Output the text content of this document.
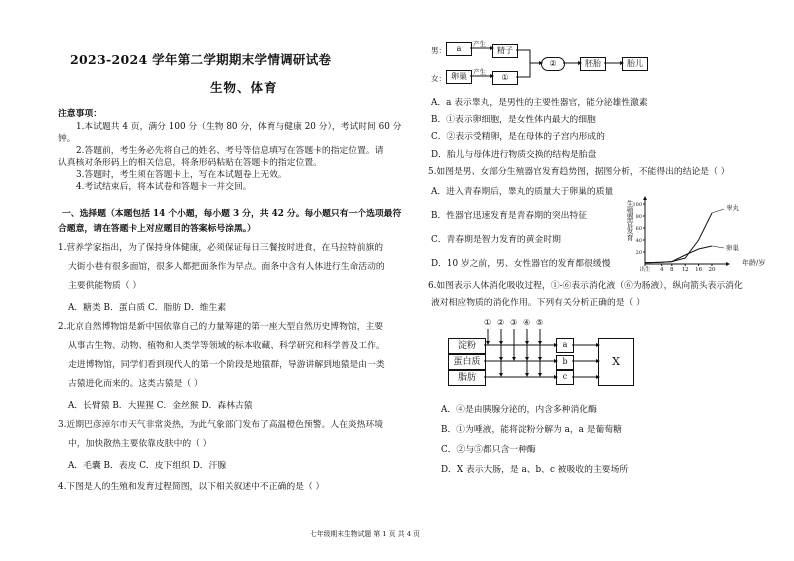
2023-2024 学年第二学期期末学情调研试卷
生物、体育
注意事项：
1.本试题共 4 页，满分 100 分（生物 80 分，体育与健康 20 分），考试时间 60 分
钟。
2.答题前，考生务必先将自己的姓名、考号等信息填写在答题卡的指定位置。请
认真核对条形码上的相关信息，将条形码粘贴在答题卡的指定位置。
3.答题时，考生须在答题卡上，写在本试题卷上无效。
4.考试结束后，将本试卷和答题卡一并交回。
一、选择题（本题包括 14 个小题，每小题 3 分，共 42 分。每小题只有一个选项最符
合题意，请在答题卡上对应题目的答案标号涂黑。）
1.营养学家指出，为了保持身体健康，必须保证每日三餐按时进食，在马拉特前旗的
大街小巷有很多面馆，很多人都把面条作为早点。面条中含有人体进行生命活动的
主要供能物质（ ）
A．糖类 B．蛋白质 C．脂肪 D．维生素
2.北京自然博物馆是新中国依靠自己的力量筹建的第一座大型自然历史博物馆，主要
从事古生物、动物、植物和人类学等领域的标本收藏、科学研究和科学普及工作。
走进博物馆，同学们看到现代人的第一个阶段是地猿群，导游讲解到地猿是由一类
古猿进化而来的。这类古猿是（ ）
A．长臂猿 B．大猩猩 C．金丝猴 D．森林古猿
3.近期巴彦淖尔市天气非常炎热，为此气象部门发布了高温橙色预警。人在炎热环境
中，加快散热主要依靠皮肤中的（ ）
A．毛囊 B．表皮 C．皮下组织 D．汗腺
4.下图是人的生殖和发育过程简图，以下相关叙述中不正确的是（ ）
男：
女：
a
卵巢
产生
产生
精子
①
②	胚胎	胎儿
A．a 表示睾丸，是男性的主要性器官，能分泌雄性激素
B．①表示卵细胞，是女性体内最大的细胞
C．②表示受精卵，是在母体的子宫内形成的
D．胎儿与母体进行物质交换的结构是胎盘
5.如图是男、女部分生殖器官发育趋势图，据图分析，不能得出的结论是（ ）
A．进入青春期后，睾丸的质量大于卵巢的质量
B．性器官迅速发育是青春期的突出特征
C．青春期是智力发育的黄金时期
D．10 岁之前，男、女性器官的发育都很缓慢
100
80
60
40
20
出生 4 8 12 16 20
睾丸
卵巢
生殖器官发育
年龄/岁
6.如图表示人体消化吸收过程，①-⑥表示消化液（⑥为肠液），纵向箭头表示消化
液对相应物质的消化作用。下列有关分析正确的是（ ）
① ② ③ ④ ⑤
淀粉
蛋白质
脂肪
a
b
c
X
A．④是由胰腺分泌的，内含多种消化酶
B．①为唾液，能将淀粉分解为 a，a 是葡萄糖
C．②与⑤都只含一种酶
D．X 表示大肠，是 a、b、c 被吸收的主要场所
七年级期末生物试题 第 1 页 共 4 页
